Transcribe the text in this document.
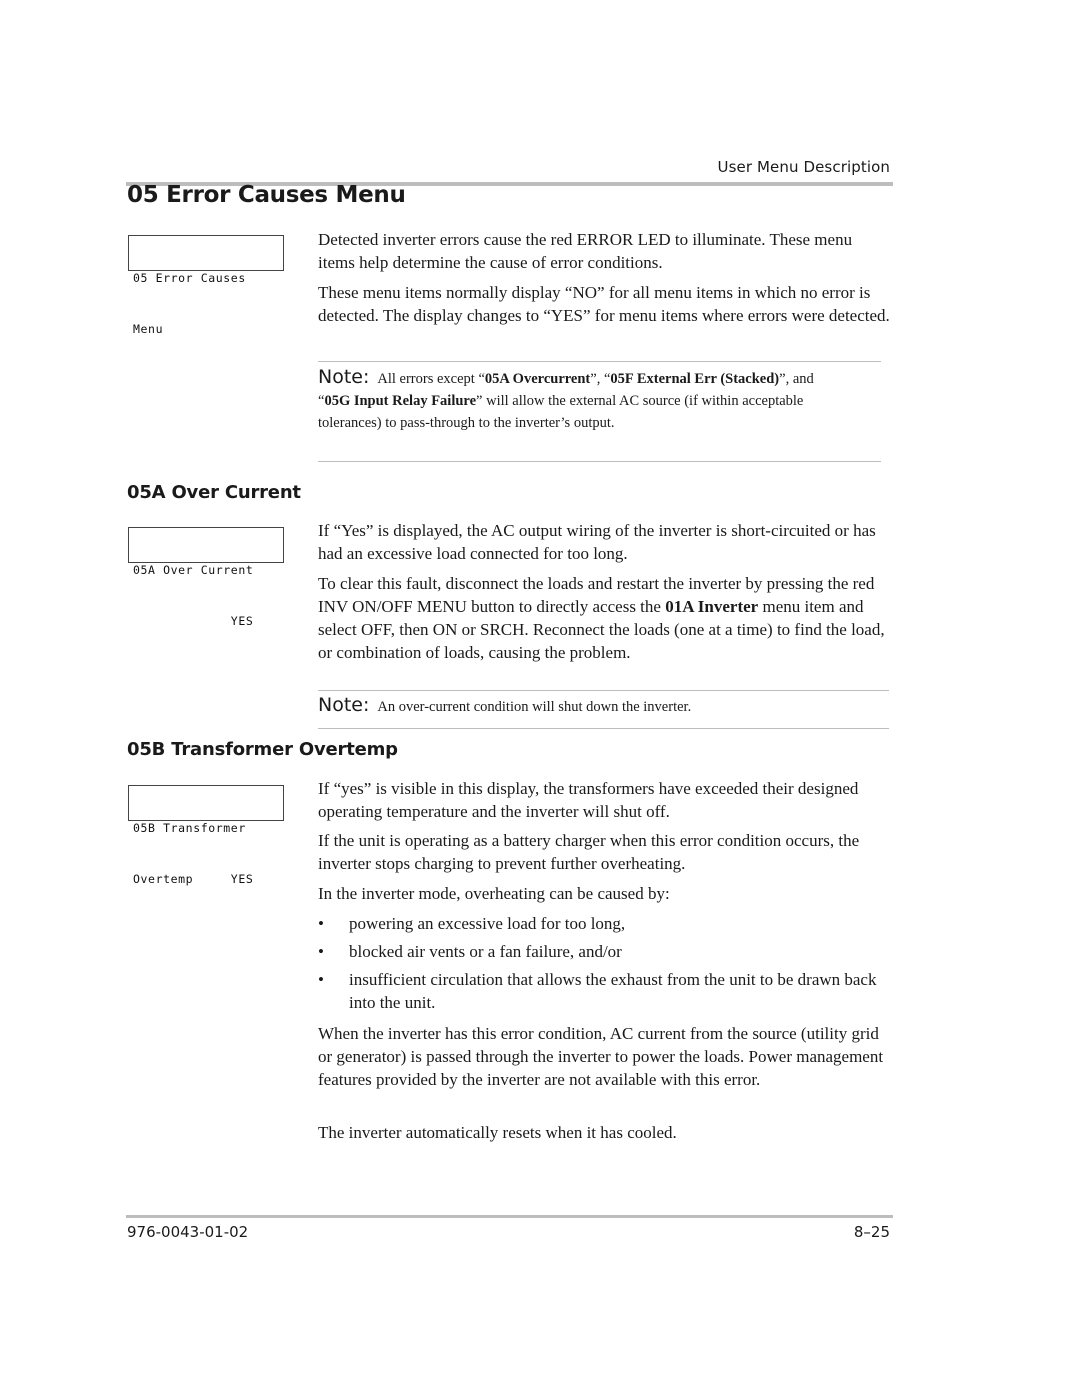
User Menu Description
05 Error Causes Menu

05 Error Causes

Menu

Detected inverter errors cause the red ERROR LED to illuminate. These menu items help determine the cause of error conditions.

These menu items normally display “NO” for all menu items in which no error is detected. The display changes to “YES” for menu items where errors were detected.

Note: All errors except “05A Overcurrent”, “05F External Err (Stacked)”, and “05G Input Relay Failure” will allow the external AC source (if within acceptable tolerances) to pass-through to the inverter’s output.

05A Over Current

05A Over Current

YES

If “Yes” is displayed, the AC output wiring of the inverter is short-circuited or has had an excessive load connected for too long.

To clear this fault, disconnect the loads and restart the inverter by pressing the red INV ON/OFF MENU button to directly access the 01A Inverter menu item and select OFF, then ON or SRCH. Reconnect the loads (one at a time) to find the load, or combination of loads, causing the problem.

Note: An over-current condition will shut down the inverter.

05B Transformer Overtemp

05B Transformer

Overtemp     YES

If “yes” is visible in this display, the transformers have exceeded their designed operating temperature and the inverter will shut off.

If the unit is operating as a battery charger when this error condition occurs, the inverter stops charging to prevent further overheating.

In the inverter mode, overheating can be caused by:

• powering an excessive load for too long,
• blocked air vents or a fan failure, and/or
• insufficient circulation that allows the exhaust from the unit to be drawn back into the unit.

When the inverter has this error condition, AC current from the source (utility grid or generator) is passed through the inverter to power the loads. Power management features provided by the inverter are not available with this error.

The inverter automatically resets when it has cooled.

976-0043-01-02	8–25
